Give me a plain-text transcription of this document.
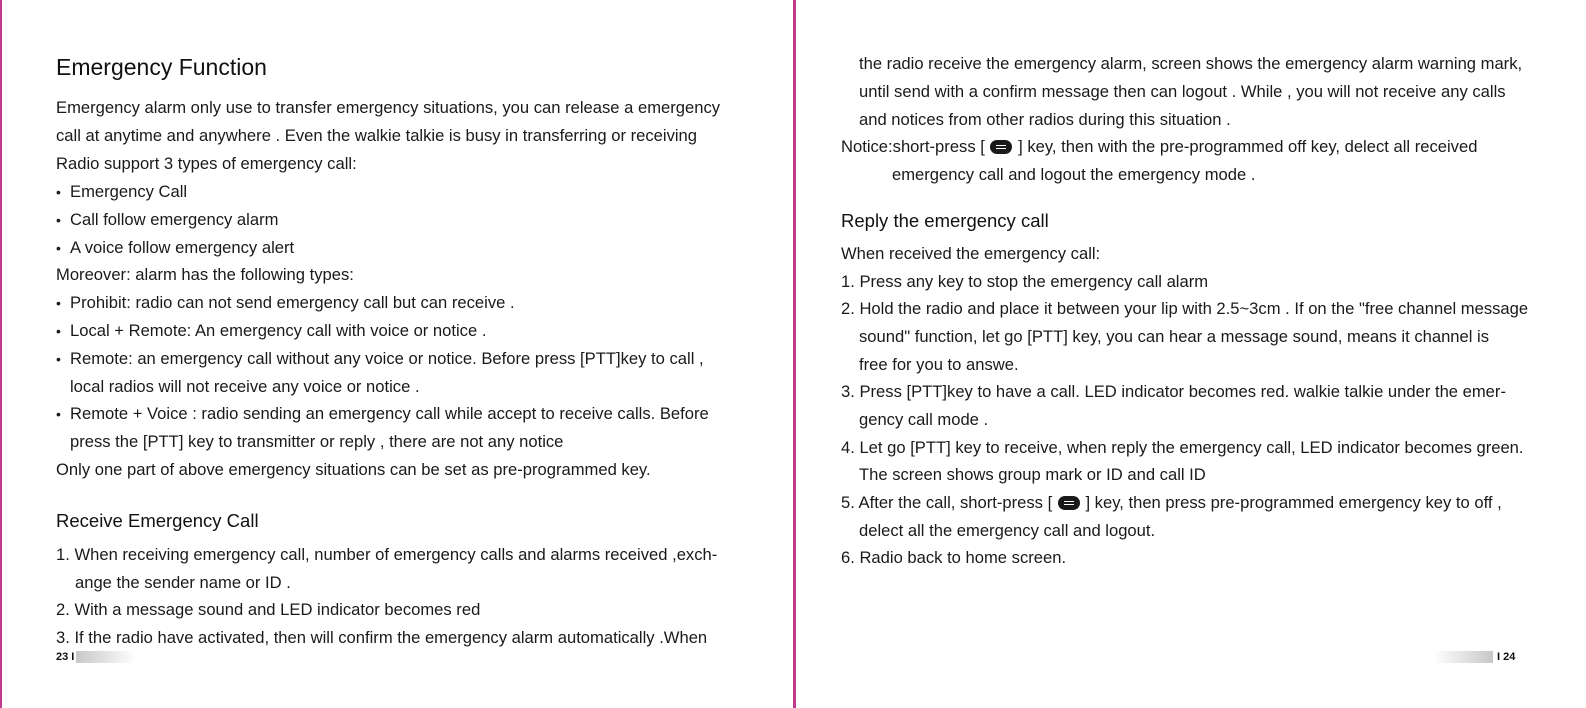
Emergency Function
Emergency alarm only use to transfer emergency situations, you can release a emergency
call at anytime and anywhere . Even the walkie talkie is busy in transferring or receiving
Radio support 3 types of emergency call:
• Emergency Call
• Call follow emergency alarm
• A voice follow emergency alert
Moreover: alarm has the following types:
• Prohibit: radio can not send emergency call but can receive .
• Local + Remote: An emergency call with voice or notice .
• Remote: an emergency call without any voice or notice. Before press [PTT]key to call ,
local radios will not receive any voice or notice .
• Remote + Voice : radio sending an emergency call while accept to receive calls. Before
press the [PTT] key to transmitter or reply , there are not any notice
Only one part of above emergency situations can be set as pre-programmed key.
Receive Emergency Call
1. When receiving emergency call, number of emergency calls and alarms received ,exch-
ange the sender name or ID .
2. With a message sound and LED indicator becomes red
3. If the radio have activated, then will confirm the emergency alarm automatically .When
23 I
the radio receive the emergency alarm, screen shows the emergency alarm warning mark,
until send with a confirm message then can logout . While , you will not receive any calls
and notices from other radios during this situation .
Notice:short-press [ ] key, then with the pre-programmed off key, delect all received
emergency call and logout the emergency mode .
Reply the emergency call
When received the emergency call:
1. Press any key to stop the emergency call alarm
2. Hold the radio and place it between your lip with 2.5~3cm . If on the "free channel message
sound" function, let go [PTT] key, you can hear a message sound, means it channel is
free for you to answe.
3. Press [PTT]key to have a call. LED indicator becomes red. walkie talkie under the emer-
gency call mode .
4. Let go [PTT] key to receive, when reply the emergency call, LED indicator becomes green.
The screen shows group mark or ID and call ID
5. After the call, short-press [ ] key, then press pre-programmed emergency key to off ,
delect all the emergency call and logout.
6. Radio back to home screen.
I 24
